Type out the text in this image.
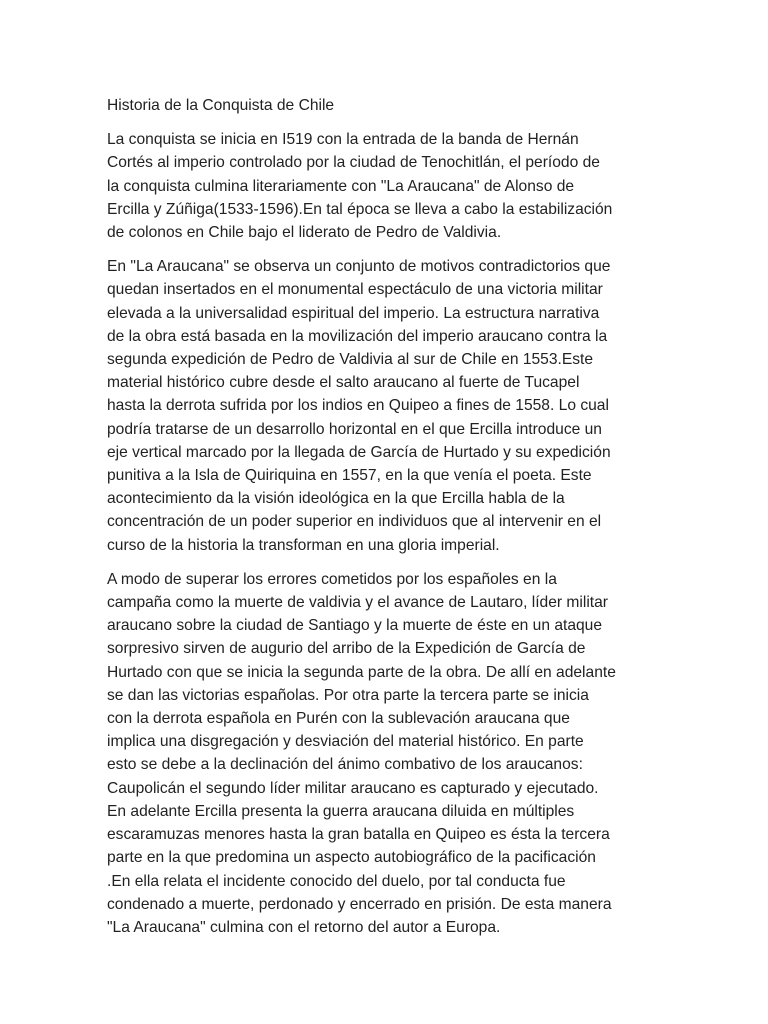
Historia de la Conquista de Chile
La conquista se inicia en I519 con la entrada de la banda de Hernán
Cortés al imperio controlado por la ciudad de Tenochitlán, el período de
la conquista culmina literariamente con "La Araucana" de Alonso de
Ercilla y Zúñiga(1533-1596).En tal época se lleva a cabo la estabilización
de colonos en Chile bajo el liderato de Pedro de Valdivia.
En "La Araucana" se observa un conjunto de motivos contradictorios que
quedan insertados en el monumental espectáculo de una victoria militar
elevada a la universalidad espiritual del imperio. La estructura narrativa
de la obra está basada en la movilización del imperio araucano contra la
segunda expedición de Pedro de Valdivia al sur de Chile en 1553.Este
material histórico cubre desde el salto araucano al fuerte de Tucapel
hasta la derrota sufrida por los indios en Quipeo a fines de 1558. Lo cual
podría tratarse de un desarrollo horizontal en el que Ercilla introduce un
eje vertical marcado por la llegada de García de Hurtado y su expedición
punitiva a la Isla de Quiriquina en 1557, en la que venía el poeta. Este
acontecimiento da la visión ideológica en la que Ercilla habla de la
concentración de un poder superior en individuos que al intervenir en el
curso de la historia la transforman en una gloria imperial.
A modo de superar los errores cometidos por los españoles en la
campaña como la muerte de valdivia y el avance de Lautaro, líder militar
araucano sobre la ciudad de Santiago y la muerte de éste en un ataque
sorpresivo sirven de augurio del arribo de la Expedición de García de
Hurtado con que se inicia la segunda parte de la obra. De allí en adelante
se dan las victorias españolas. Por otra parte la tercera parte se inicia
con la derrota española en Purén con la sublevación araucana que
implica una disgregación y desviación del material histórico. En parte
esto se debe a la declinación del ánimo combativo de los araucanos:
Caupolicán el segundo líder militar araucano es capturado y ejecutado.
En adelante Ercilla presenta la guerra araucana diluida en múltiples
escaramuzas menores hasta la gran batalla en Quipeo es ésta la tercera
parte en la que predomina un aspecto autobiográfico de la pacificación
.En ella relata el incidente conocido del duelo, por tal conducta fue
condenado a muerte, perdonado y encerrado en prisión. De esta manera
"La Araucana" culmina con el retorno del autor a Europa.
